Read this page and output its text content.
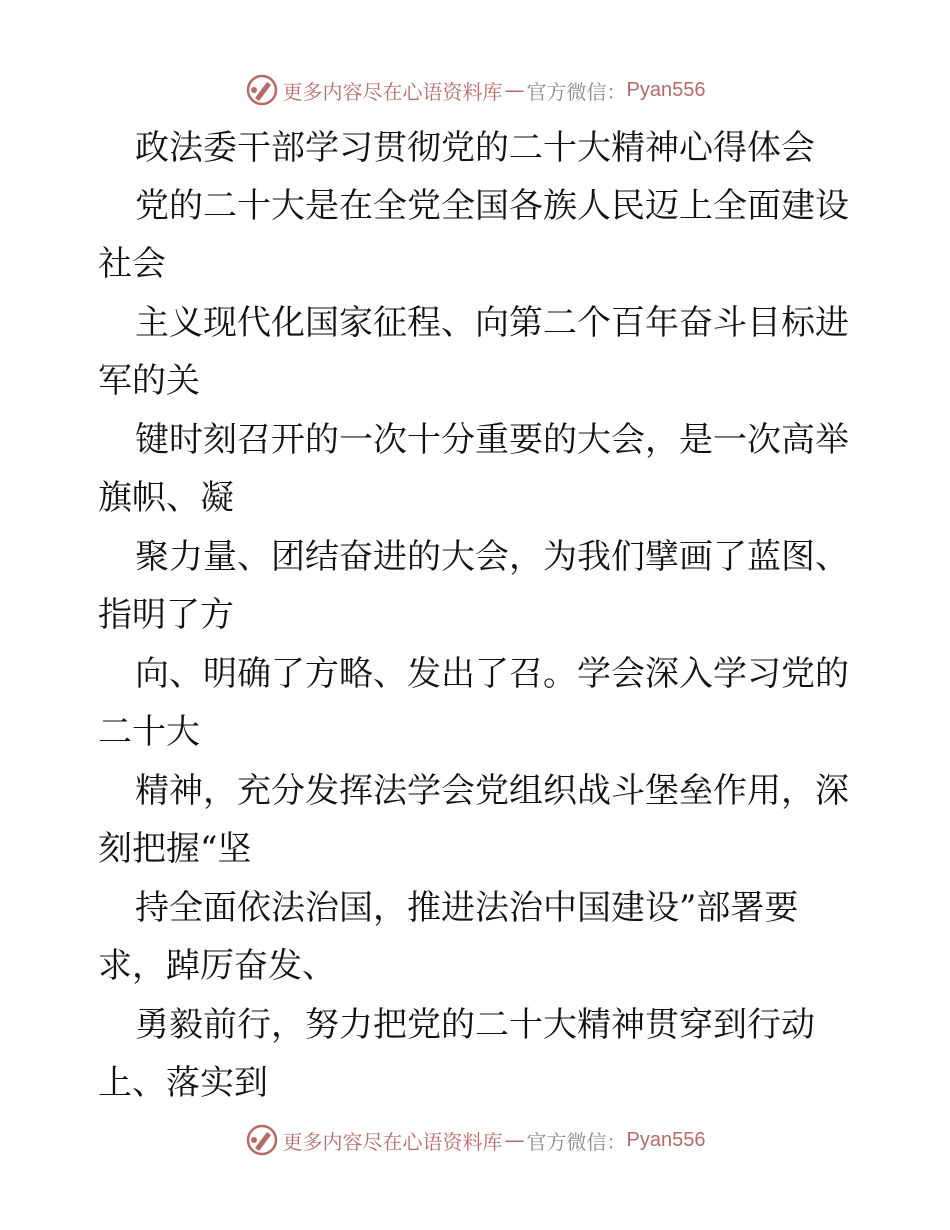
更多内容尽在心语资料库 — 官方微信： Pyan556
政法委干部学习贯彻党的二十大精神心得体会
党的二十大是在全党全国各族人民迈上全面建设
社会
主义现代化国家征程、向第二个百年奋斗目标进
军的关
键时刻召开的一次十分重要的大会，是一次高举
旗帜、凝
聚力量、团结奋进的大会，为我们擘画了蓝图、
指明了方
向、明确了方略、发出了召。学会深入学习党的
二十大
精神，充分发挥法学会党组织战斗堡垒作用，深
刻把握“坚
持全面依法治国，推进法治中国建设”部署要
求，踔厉奋发、
勇毅前行，努力把党的二十大精神贯穿到行动
上、落实到
更多内容尽在心语资料库 — 官方微信： Pyan556
